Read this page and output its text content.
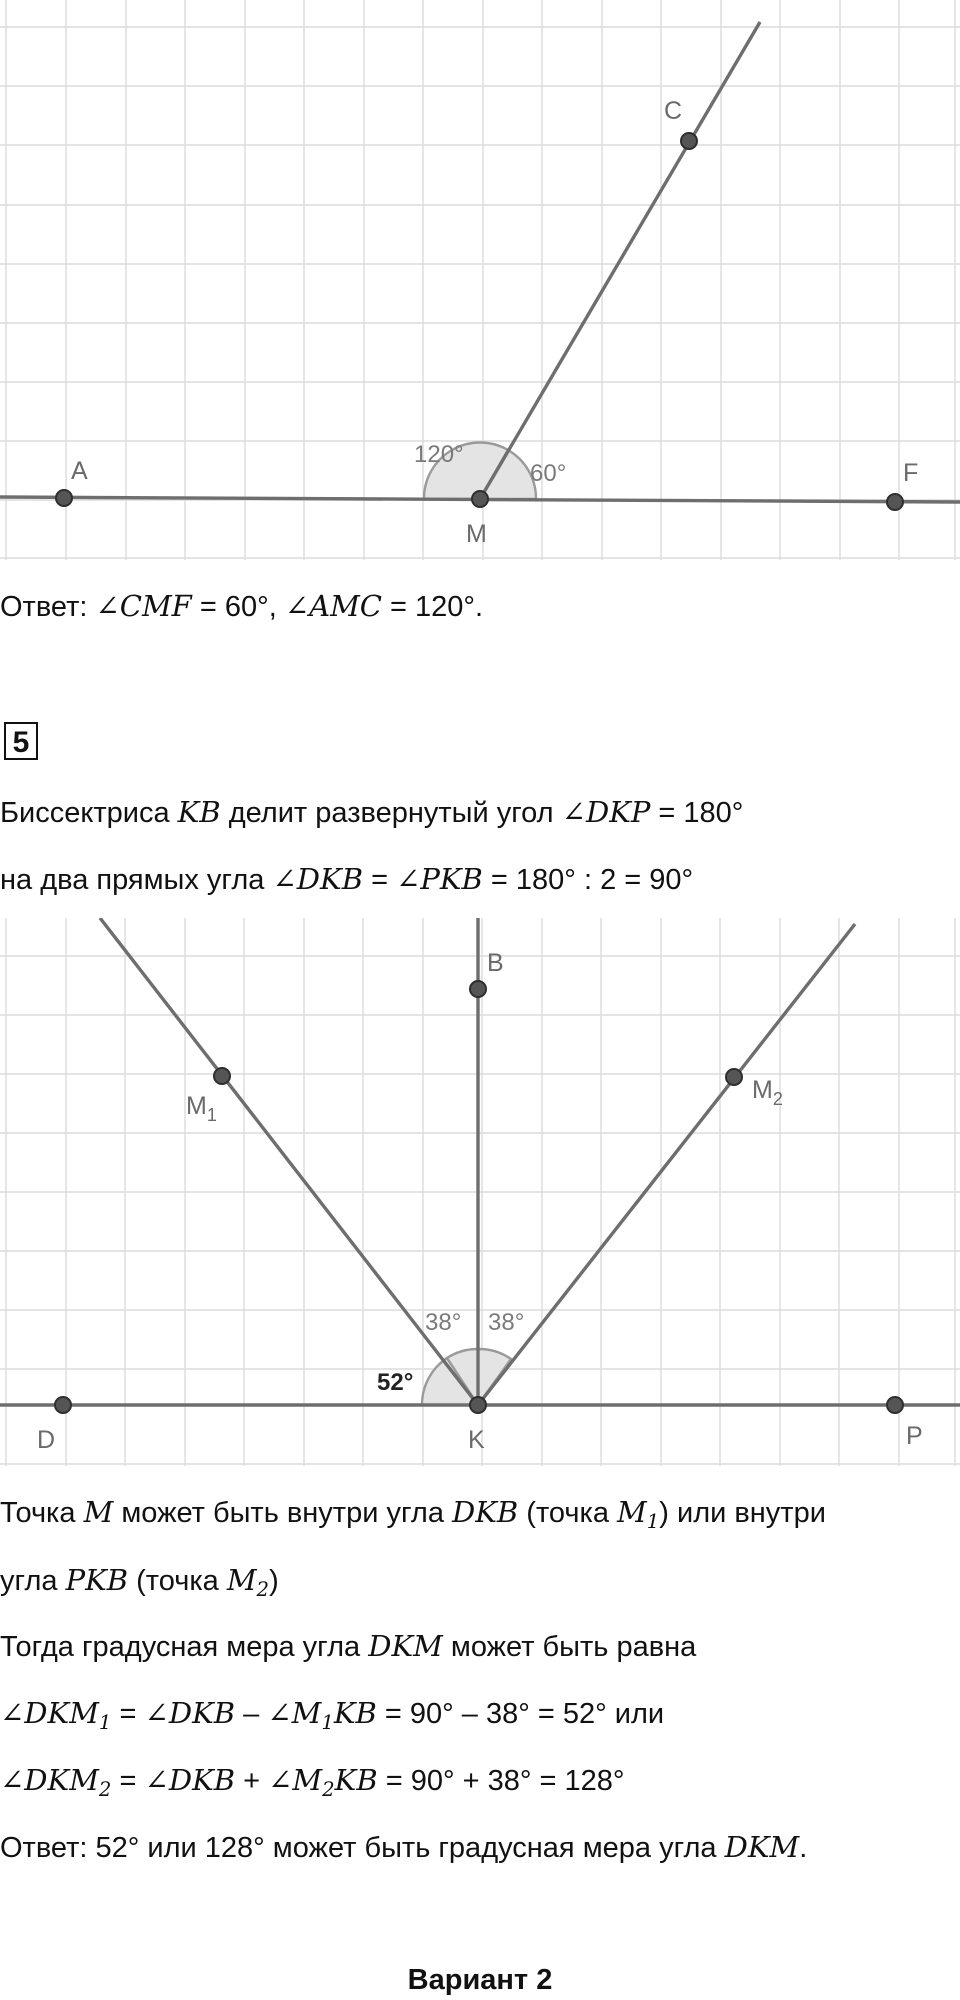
A
C
M
F
120°
60°
Ответ: ∠CMF = 60°, ∠AMC = 120°.
5
Биссектриса KB делит развернутый угол ∠DKP = 180°
на два прямых угла ∠DKB = ∠PKB = 180° : 2 = 90°
B
$M_1$
$M_2$
D	K	P
38° 38°
52°
Точка M может быть внутри угла DKB (точка $M_1$) или внутри
угла PKB (точка $M_2$)
Тогда градусная мера угла DKM может быть равна
$\angle DKM_1$ = ∠DKB – $\angle M_1KB = 90^\circ - 38^\circ = 52^\circ$ или
$\angle DKM_2$ = ∠DKB + $\angle M_2KB = 90^\circ + 38^\circ = 128^\circ$
Ответ: 52° или 128° может быть градусная мера угла DKM.
Вариант 2
